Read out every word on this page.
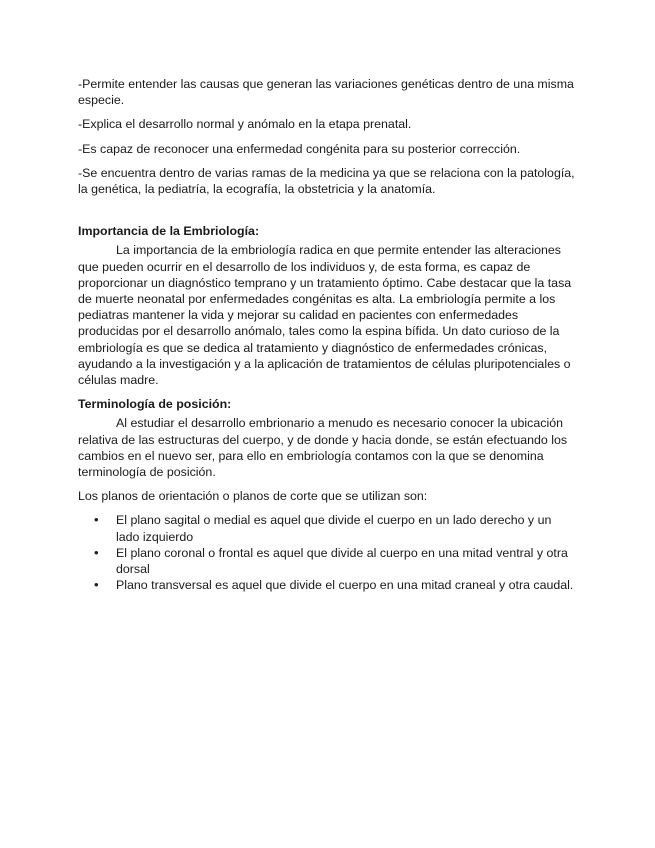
-Permite entender las causas que generan las variaciones genéticas dentro de una misma especie.

-Explica el desarrollo normal y anómalo en la etapa prenatal.

-Es capaz de reconocer una enfermedad congénita para su posterior corrección.

-Se encuentra dentro de varias ramas de la medicina ya que se relaciona con la patología, la genética, la pediatría, la ecografía, la obstetricia y la anatomía.

Importancia de la Embriología:

La importancia de la embriología radica en que permite entender las alteraciones que pueden ocurrir en el desarrollo de los individuos y, de esta forma, es capaz de proporcionar un diagnóstico temprano y un tratamiento óptimo. Cabe destacar que la tasa de muerte neonatal por enfermedades congénitas es alta. La embriología permite a los pediatras mantener la vida y mejorar su calidad en pacientes con enfermedades producidas por el desarrollo anómalo, tales como la espina bífida. Un dato curioso de la embriología es que se dedica al tratamiento y diagnóstico de enfermedades crónicas, ayudando a la investigación y a la aplicación de tratamientos de células pluripotenciales o células madre.

Terminología de posición:

Al estudiar el desarrollo embrionario a menudo es necesario conocer la ubicación relativa de las estructuras del cuerpo, y de donde y hacia donde, se están efectuando los cambios en el nuevo ser, para ello en embriología contamos con la que se denomina terminología de posición.

Los planos de orientación o planos de corte que se utilizan son:

• El plano sagital o medial es aquel que divide el cuerpo en un lado derecho y un lado izquierdo
• El plano coronal o frontal es aquel que divide al cuerpo en una mitad ventral y otra dorsal
• Plano transversal es aquel que divide el cuerpo en una mitad craneal y otra caudal.
